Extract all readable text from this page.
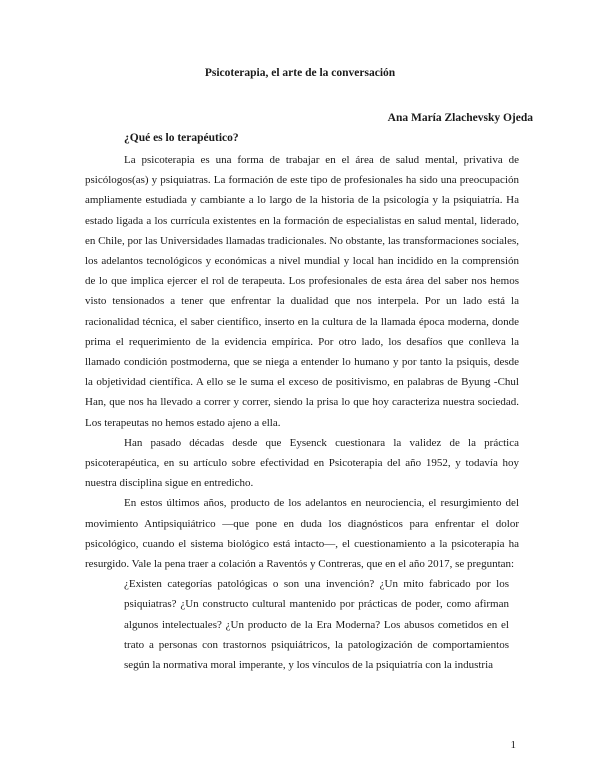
Psicoterapia, el arte de la conversación
Ana María Zlachevsky Ojeda
¿Qué es lo terapéutico?

La psicoterapia es una forma de trabajar en el área de salud mental, privativa de psicólogos(as) y psiquiatras. La formación de este tipo de profesionales ha sido una preocupación ampliamente estudiada y cambiante a lo largo de la historia de la psicología y la psiquiatría. Ha estado ligada a los currícula existentes en la formación de especialistas en salud mental, liderado, en Chile, por las Universidades llamadas tradicionales. No obstante, las transformaciones sociales, los adelantos tecnológicos y económicas a nivel mundial y local han incidido en la comprensión de lo que implica ejercer el rol de terapeuta. Los profesionales de esta área del saber nos hemos visto tensionados a tener que enfrentar la dualidad que nos interpela. Por un lado está la racionalidad técnica, el saber científico, inserto en la cultura de la llamada época moderna, donde prima el requerimiento de la evidencia empírica. Por otro lado, los desafíos que conlleva la llamado condición postmoderna, que se niega a entender lo humano y por tanto la psiquis, desde la objetividad científica. A ello se le suma el exceso de positivismo, en palabras de Byung -Chul Han, que nos ha llevado a correr y correr, siendo la prisa lo que hoy caracteriza nuestra sociedad. Los terapeutas no hemos estado ajeno a ella.

Han pasado décadas desde que Eysenck cuestionara la validez de la práctica psicoterapéutica, en su artículo sobre efectividad en Psicoterapia del año 1952, y todavía hoy nuestra disciplina sigue en entredicho.

En estos últimos años, producto de los adelantos en neurociencia, el resurgimiento del movimiento Antipsiquiátrico —que pone en duda los diagnósticos para enfrentar el dolor psicológico, cuando el sistema biológico está intacto—, el cuestionamiento a la psicoterapia ha resurgido. Vale la pena traer a colación a Raventós y Contreras, que en el año 2017, se preguntan:

¿Existen categorías patológicas o son una invención? ¿Un mito fabricado por los psiquiatras? ¿Un constructo cultural mantenido por prácticas de poder, como afirman algunos intelectuales? ¿Un producto de la Era Moderna? Los abusos cometidos en el trato a personas con trastornos psiquiátricos, la patologización de comportamientos según la normativa moral imperante, y los vínculos de la psiquiatría con la industria

1
